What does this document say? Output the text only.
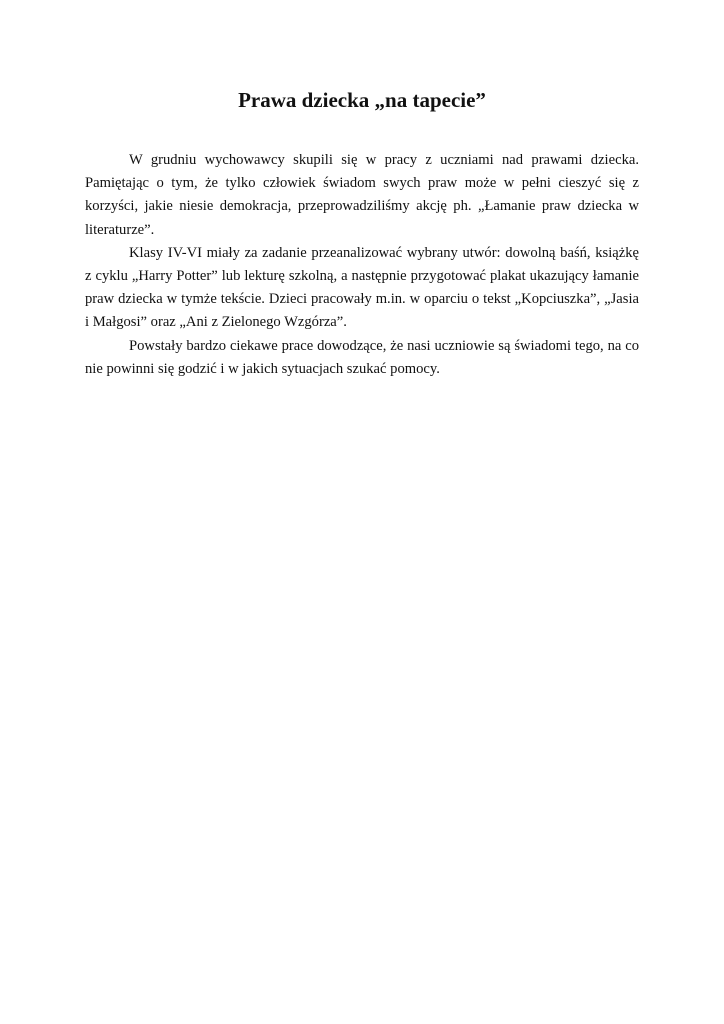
Prawa dziecka „na tapecie”

W grudniu wychowawcy skupili się w pracy z uczniami nad prawami dziecka. Pamiętając o tym, że tylko człowiek świadom swych praw może w pełni cieszyć się z korzyści, jakie niesie demokracja, przeprowadziliśmy akcję ph. „Łamanie praw dziecka w literaturze”.

Klasy IV-VI miały za zadanie przeanalizować wybrany utwór: dowolną baśń, książkę z cyklu „Harry Potter” lub lekturę szkolną, a następnie przygotować plakat ukazujący łamanie praw dziecka w tymże tekście. Dzieci pracowały m.in. w oparciu o tekst „Kopciuszka”, „Jasia i Małgosi” oraz „Ani z Zielonego Wzgórza”.

Powstały bardzo ciekawe prace dowodzące, że nasi uczniowie są świadomi tego, na co nie powinni się godzić i w jakich sytuacjach szukać pomocy.
